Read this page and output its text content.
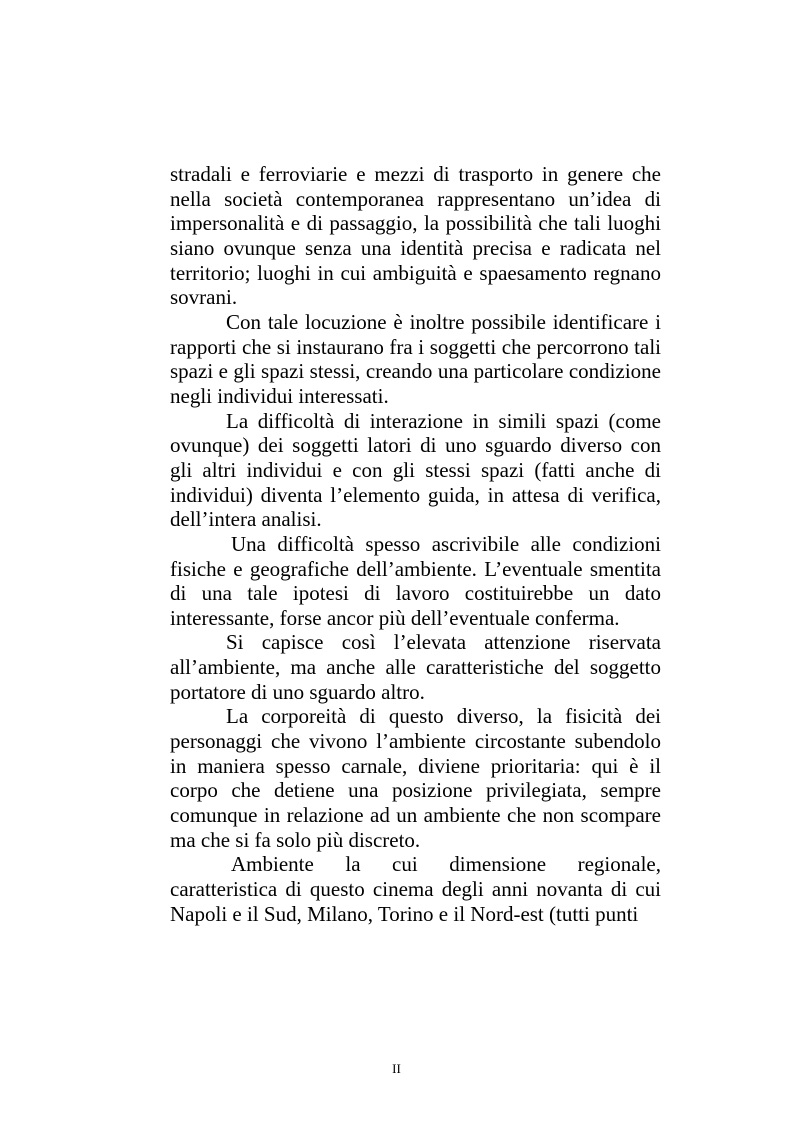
stradali e ferroviarie e mezzi di trasporto in genere che nella società contemporanea rappresentano un’idea di impersonalità e di passaggio, la possibilità che tali luoghi siano ovunque senza una identità precisa e radicata nel territorio; luoghi in cui ambiguità e spaesamento regnano sovrani.

Con tale locuzione è inoltre possibile identificare i rapporti che si instaurano fra i soggetti che percorrono tali spazi e gli spazi stessi, creando una particolare condizione negli individui interessati.

La difficoltà di interazione in simili spazi (come ovunque) dei soggetti latori di uno sguardo diverso con gli altri individui e con gli stessi spazi (fatti anche di individui) diventa l’elemento guida, in attesa di verifica, dell’intera analisi.

Una difficoltà spesso ascrivibile alle condizioni fisiche e geografiche dell’ambiente. L’eventuale smentita di una tale ipotesi di lavoro costituirebbe un dato interessante, forse ancor più dell’eventuale conferma.

Si capisce così l’elevata attenzione riservata all’ambiente, ma anche alle caratteristiche del soggetto portatore di uno sguardo altro.

La corporeità di questo diverso, la fisicità dei personaggi che vivono l’ambiente circostante subendolo in maniera spesso carnale, diviene prioritaria: qui è il corpo che detiene una posizione privilegiata, sempre comunque in relazione ad un ambiente che non scompare ma che si fa solo più discreto.

Ambiente la cui dimensione regionale, caratteristica di questo cinema degli anni novanta di cui Napoli e il Sud, Milano, Torino e il Nord-est (tutti punti

II
